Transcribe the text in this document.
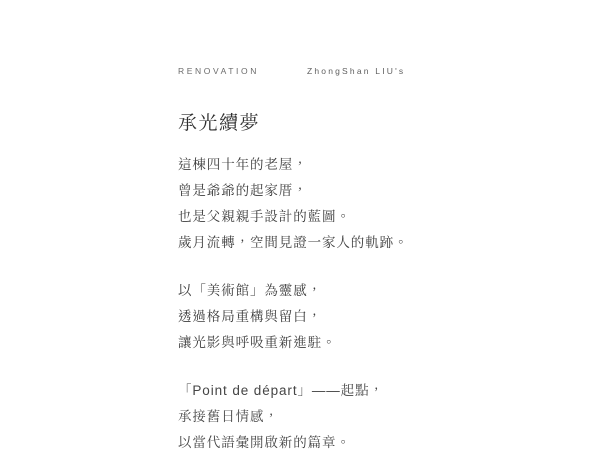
RENOVATION	ZhongShan LIU's
承光續夢
這棟四十年的老屋，
曾是爺爺的起家厝，
也是父親親手設計的藍圖。
歲月流轉，空間見證一家人的軌跡。
以「美術館」為靈感，
透過格局重構與留白，
讓光影與呼吸重新進駐。
「Point de départ」——起點，
承接舊日情感，
以當代語彙開啟新的篇章。
